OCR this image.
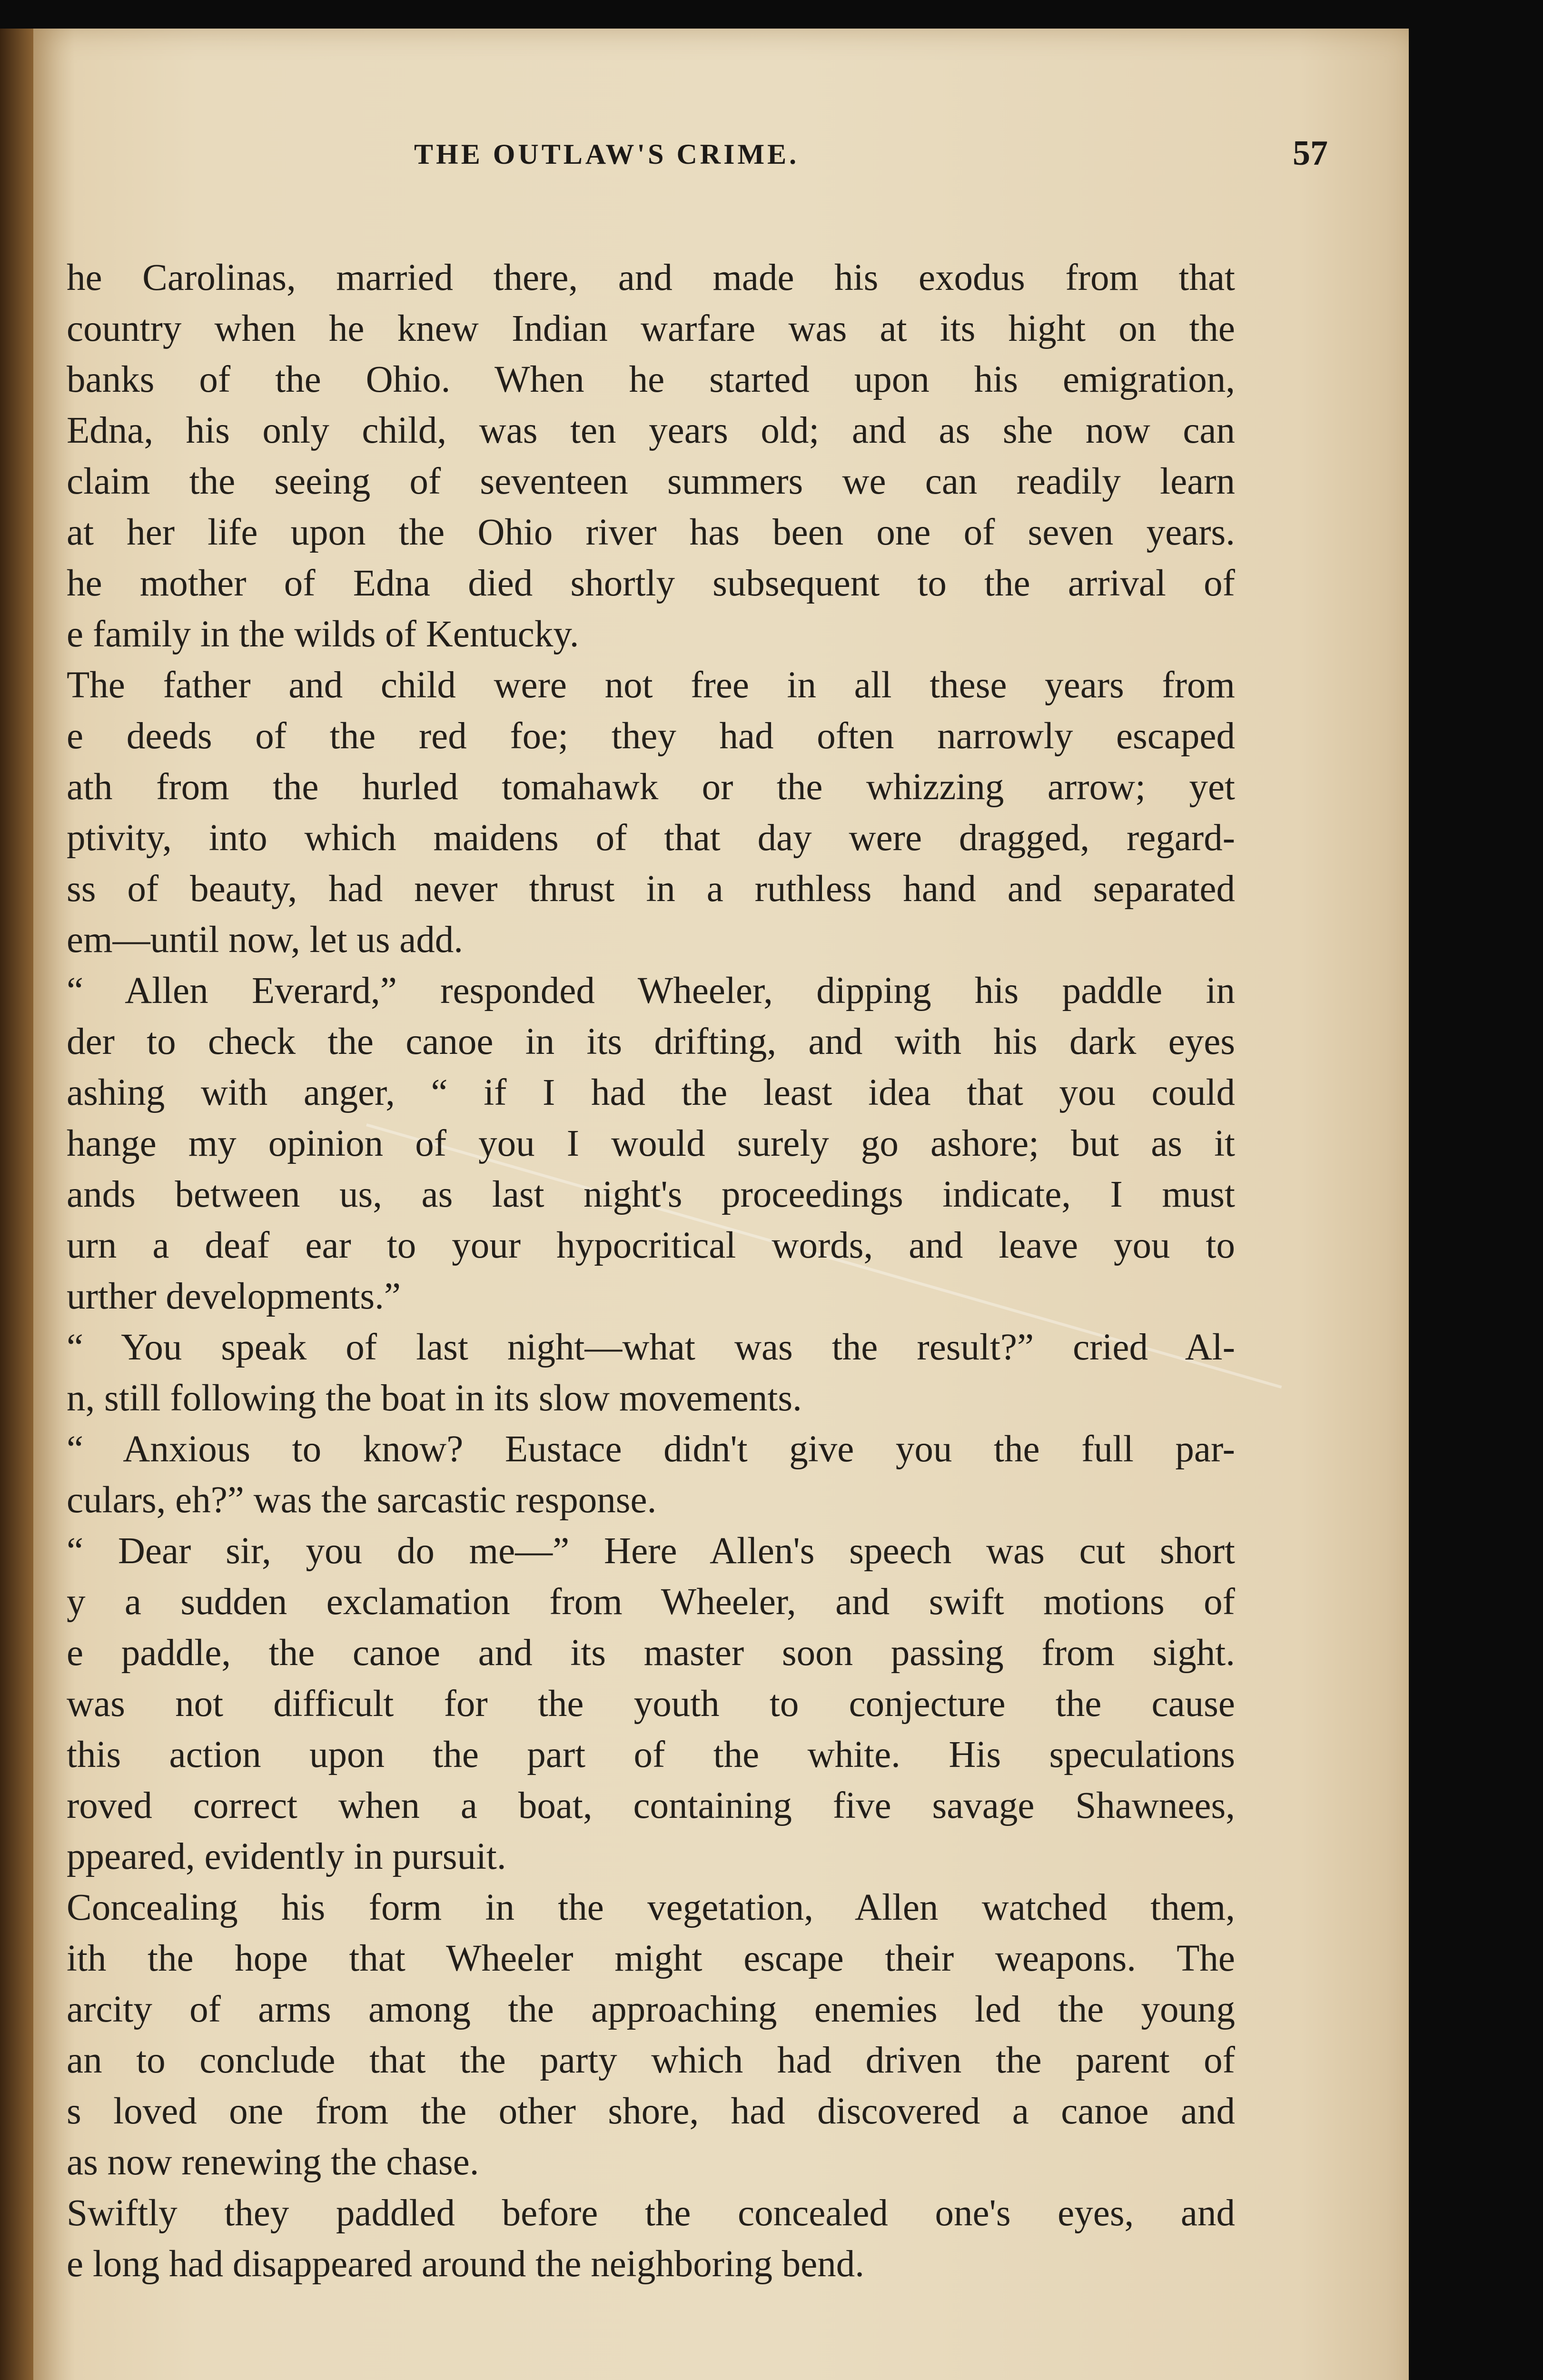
THE OUTLAW'S CRIME.	57
he Carolinas, married there, and made his exodus from that
country when he knew Indian warfare was at its hight on the
banks of the Ohio. When he started upon his emigration,
Edna, his only child, was ten years old; and as she now can
claim the seeing of seventeen summers we can readily learn
at her life upon the Ohio river has been one of seven years.
he mother of Edna died shortly subsequent to the arrival of
e family in the wilds of Kentucky.
The father and child were not free in all these years from
e deeds of the red foe; they had often narrowly escaped
ath from the hurled tomahawk or the whizzing arrow; yet
ptivity, into which maidens of that day were dragged, regard-
ss of beauty, had never thrust in a ruthless hand and separated
em—until now, let us add.
“ Allen Everard,” responded Wheeler, dipping his paddle in
der to check the canoe in its drifting, and with his dark eyes
ashing with anger, “ if I had the least idea that you could
hange my opinion of you I would surely go ashore; but as it
ands between us, as last night's proceedings indicate, I must
urn a deaf ear to your hypocritical words, and leave you to
urther developments.”
“ You speak of last night—what was the result?” cried Al-
n, still following the boat in its slow movements.
“ Anxious to know? Eustace didn't give you the full par-
culars, eh?” was the sarcastic response.
“ Dear sir, you do me—” Here Allen's speech was cut short
y a sudden exclamation from Wheeler, and swift motions of
e paddle, the canoe and its master soon passing from sight.
was not difficult for the youth to conjecture the cause
this action upon the part of the white. His speculations
roved correct when a boat, containing five savage Shawnees,
ppeared, evidently in pursuit.
Concealing his form in the vegetation, Allen watched them,
ith the hope that Wheeler might escape their weapons. The
arcity of arms among the approaching enemies led the young
an to conclude that the party which had driven the parent of
s loved one from the other shore, had discovered a canoe and
as now renewing the chase.
Swiftly they paddled before the concealed one's eyes, and
e long had disappeared around the neighboring bend.
